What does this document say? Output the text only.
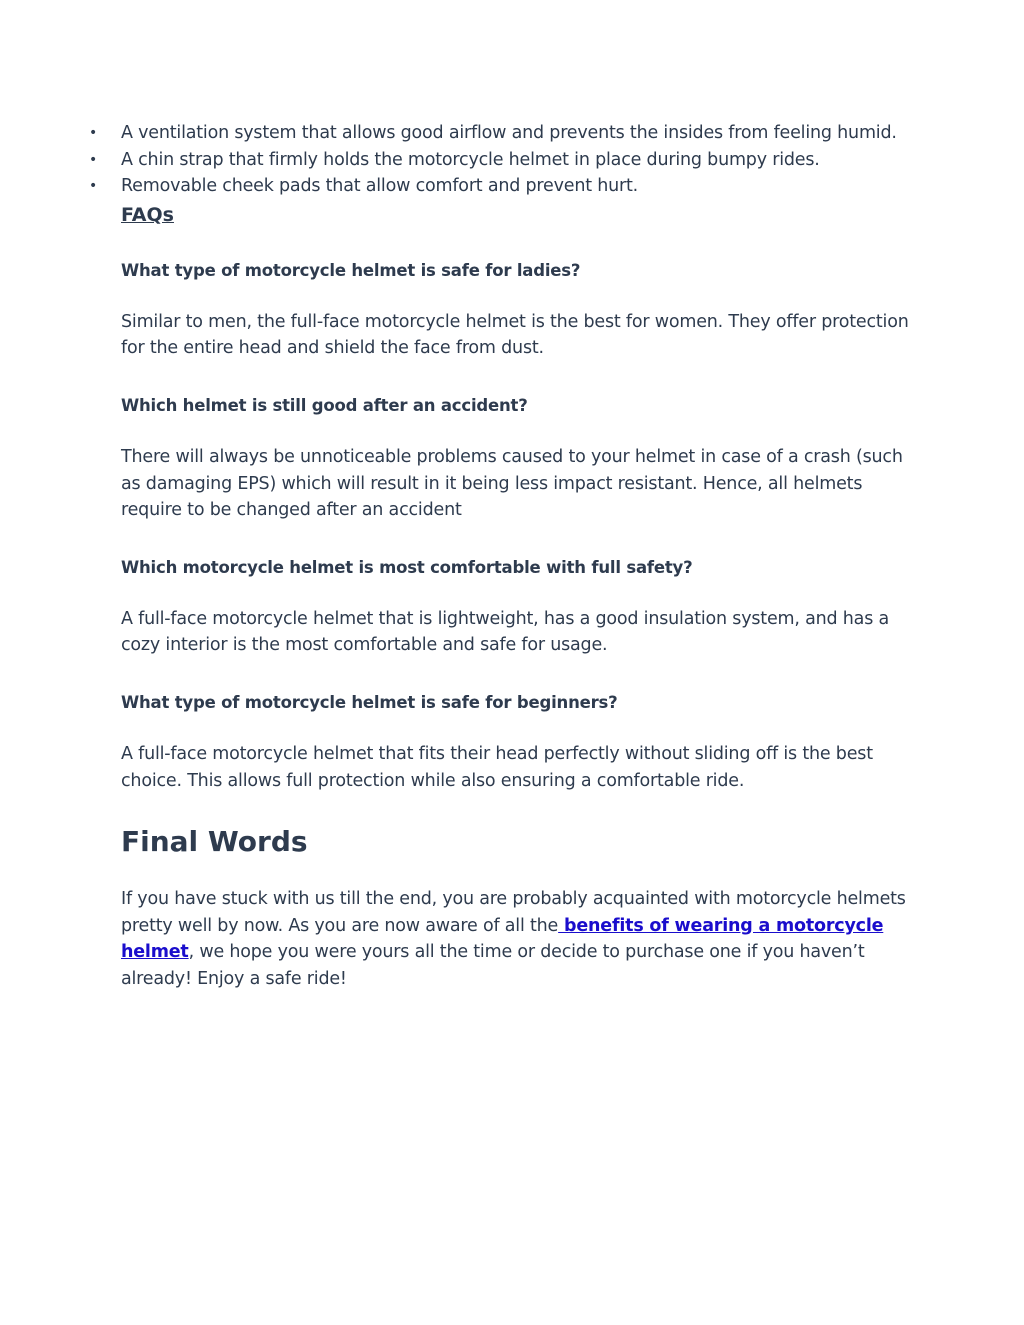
• A ventilation system that allows good airflow and prevents the insides from feeling humid.
• A chin strap that firmly holds the motorcycle helmet in place during bumpy rides.
• Removable cheek pads that allow comfort and prevent hurt.
FAQs

What type of motorcycle helmet is safe for ladies?

Similar to men, the full-face motorcycle helmet is the best for women. They offer protection for the entire head and shield the face from dust.

Which helmet is still good after an accident?

There will always be unnoticeable problems caused to your helmet in case of a crash (such as damaging EPS) which will result in it being less impact resistant. Hence, all helmets require to be changed after an accident

Which motorcycle helmet is most comfortable with full safety?

A full-face motorcycle helmet that is lightweight, has a good insulation system, and has a cozy interior is the most comfortable and safe for usage.

What type of motorcycle helmet is safe for beginners?

A full-face motorcycle helmet that fits their head perfectly without sliding off is the best choice. This allows full protection while also ensuring a comfortable ride.

Final Words

If you have stuck with us till the end, you are probably acquainted with motorcycle helmets pretty well by now. As you are now aware of all the benefits of wearing a motorcycle helmet, we hope you were yours all the time or decide to purchase one if you haven’t already! Enjoy a safe ride!
